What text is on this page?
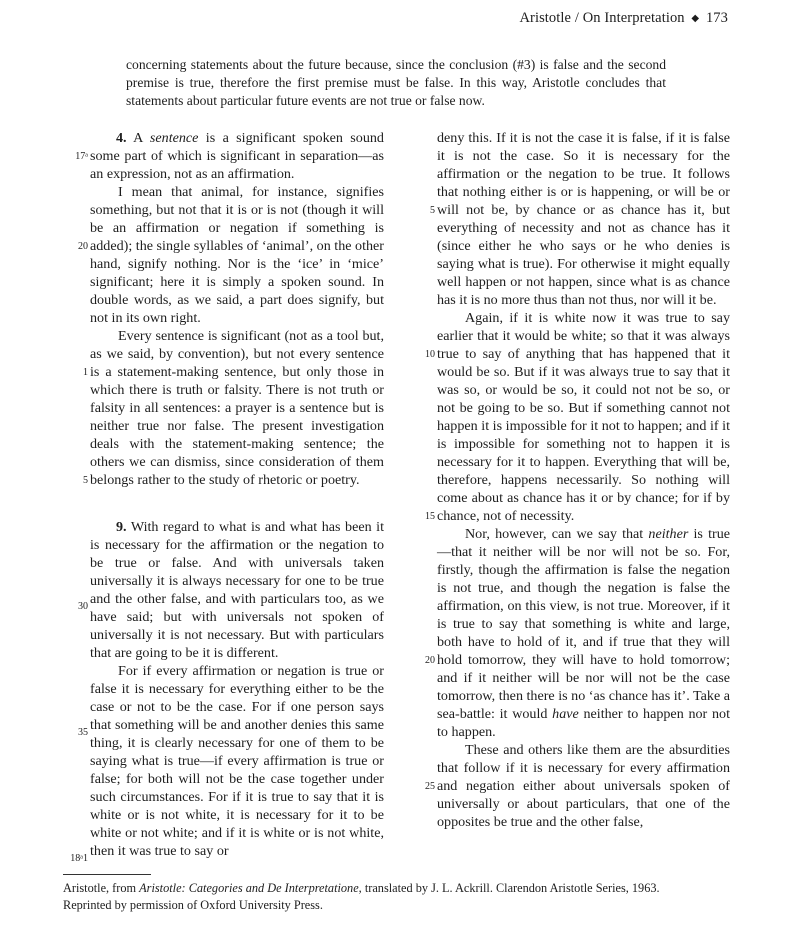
Aristotle / On Interpretation ◆ 173
concerning statements about the future because, since the conclusion (#3) is false and the second premise is true, therefore the first premise must be false. In this way, Aristotle concludes that statements about particular future events are not true or false now.

4. A sentence is a significant spoken sound some part of which is significant in separation—as an expression, not as an affirmation.

I mean that animal, for instance, signifies something, but not that it is or is not (though it will be an affirmation or negation if something is added); the single syllables of ‘animal’, on the other hand, signify nothing. Nor is the ‘ice’ in ‘mice’ significant; here it is simply a spoken sound. In double words, as we said, a part does signify, but not in its own right.

Every sentence is significant (not as a tool but, as we said, by convention), but not every sentence is a statement-making sentence, but only those in which there is truth or falsity. There is not truth or falsity in all sentences: a prayer is a sentence but is neither true nor false. The present investigation deals with the statement-making sentence; the others we can dismiss, since consideration of them belongs rather to the study of rhetoric or poetry.

9. With regard to what is and what has been it is necessary for the affirmation or the negation to be true or false. And with universals taken universally it is always necessary for one to be true and the other false, and with particulars too, as we have said; but with universals not spoken of universally it is not necessary. But with particulars that are going to be it is different.

For if every affirmation or negation is true or false it is necessary for everything either to be the case or not to be the case. For if one person says that something will be and another denies this same thing, it is clearly necessary for one of them to be saying what is true—if every affirmation is true or false; for both will not be the case together under such circumstances. For if it is true to say that it is white or is not white, it is necessary for it to be white or not white; and if it is white or is not white, then it was true to say or

17ᵃ
20
1
5
30
35
18ᵃ1

deny this. If it is not the case it is false, if it is false it is not the case. So it is necessary for the affirmation or the negation to be true. It follows that nothing either is or is happening, or will be or will not be, by chance or as chance has it, but everything of necessity and not as chance has it (since either he who says or he who denies is saying what is true). For otherwise it might equally well happen or not happen, since what is as chance has it is no more thus than not thus, nor will it be.

Again, if it is white now it was true to say earlier that it would be white; so that it was always true to say of anything that has happened that it would be so. But if it was always true to say that it was so, or would be so, it could not not be so, or not be going to be so. But if something cannot not happen it is impossible for it not to happen; and if it is impossible for something not to happen it is necessary for it to happen. Everything that will be, therefore, happens necessarily. So nothing will come about as chance has it or by chance; for if by chance, not of necessity.

Nor, however, can we say that neither is true—that it neither will be nor will not be so. For, firstly, though the affirmation is false the negation is not true, and though the negation is false the affirmation, on this view, is not true. Moreover, if it is true to say that something is white and large, both have to hold of it, and if true that they will hold tomorrow, they will have to hold tomorrow; and if it neither will be nor will not be the case tomorrow, then there is no ‘as chance has it’. Take a sea-battle: it would have neither to happen nor not to happen.

These and others like them are the absurdities that follow if it is necessary for every affirmation and negation either about universals spoken of universally or about particulars, that one of the opposites be true and the other false,

5
10
15
20
25
Aristotle, from Aristotle: Categories and De Interpretatione, translated by J. L. Ackrill. Clarendon Aristotle Series, 1963.
Reprinted by permission of Oxford University Press.
